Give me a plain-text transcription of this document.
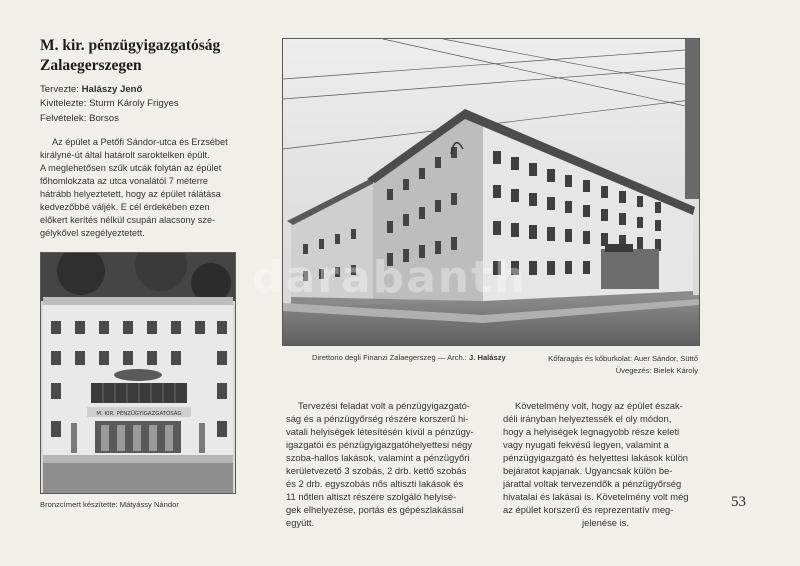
M. kir. pénzügyigazgatóság
Zalaegerszegen
Tervezte: Halászy Jenő
Kivitelezte: Sturm Károly Frigyes
Felvételek: Borsos
Az épület a Petőfi Sándor-utca és Erzsébet
királyné-út által határolt saroktelken épült.
A meglehetősen szűk utcák folytán az épület
főhomlokzata az utca vonalától 7 méterre
hátrább helyeztetett, hogy az épület rálátása
kedvezőbbé váljék. E cél érdekében ezen
előkert kerítés nélkül csupán alacsony sze-
gélykővel szegélyeztetett.
darabanth
Direttorio degli Finanzi Zalaegerszeg — Arch.: J. Halászy	Kőfaragás és kőburkolat: Auer Sándor, Süttő
Üvegezés: Bielek Károly
M. KIR. PÉNZÜGYIGAZGATÓSÁG
Bronzcímert készítette: Mátyássy Nándor
Tervezési feladat volt a pénzügyigazgató-
ság és a pénzügyőrség részére korszerű hi-
vatali helyiségek létesítésén kívül a pénzügy-
igazgatói és pénzügyigazgatóhelyettesi négy
szoba-hallos lakások, valamint a pénzügyőri
kerületvezető 3 szobás, 2 drb. kettő szobás
és 2 drb. egyszobás nős altiszti lakások és
11 nőtlen altiszt részére szolgáló helyisé-
gek elhelyezése, portás és gépészlakással
együtt.
Követelmény volt, hogy az épület észak-
déli irányban helyeztessék el oly módon,
hogy a helyiségek legnagyobb része keleti
vagy nyugati fekvésű legyen, valamint a
pénzügyigazgató és helyettesi lakások külön
bejáratot kapjanak. Ugyancsak külön be-
járattal voltak tervezendők a pénzügyőrség
hivatalai és lakásai is. Követelmény volt még
az épület korszerű és reprezentatív meg-
jelenése is.
53
